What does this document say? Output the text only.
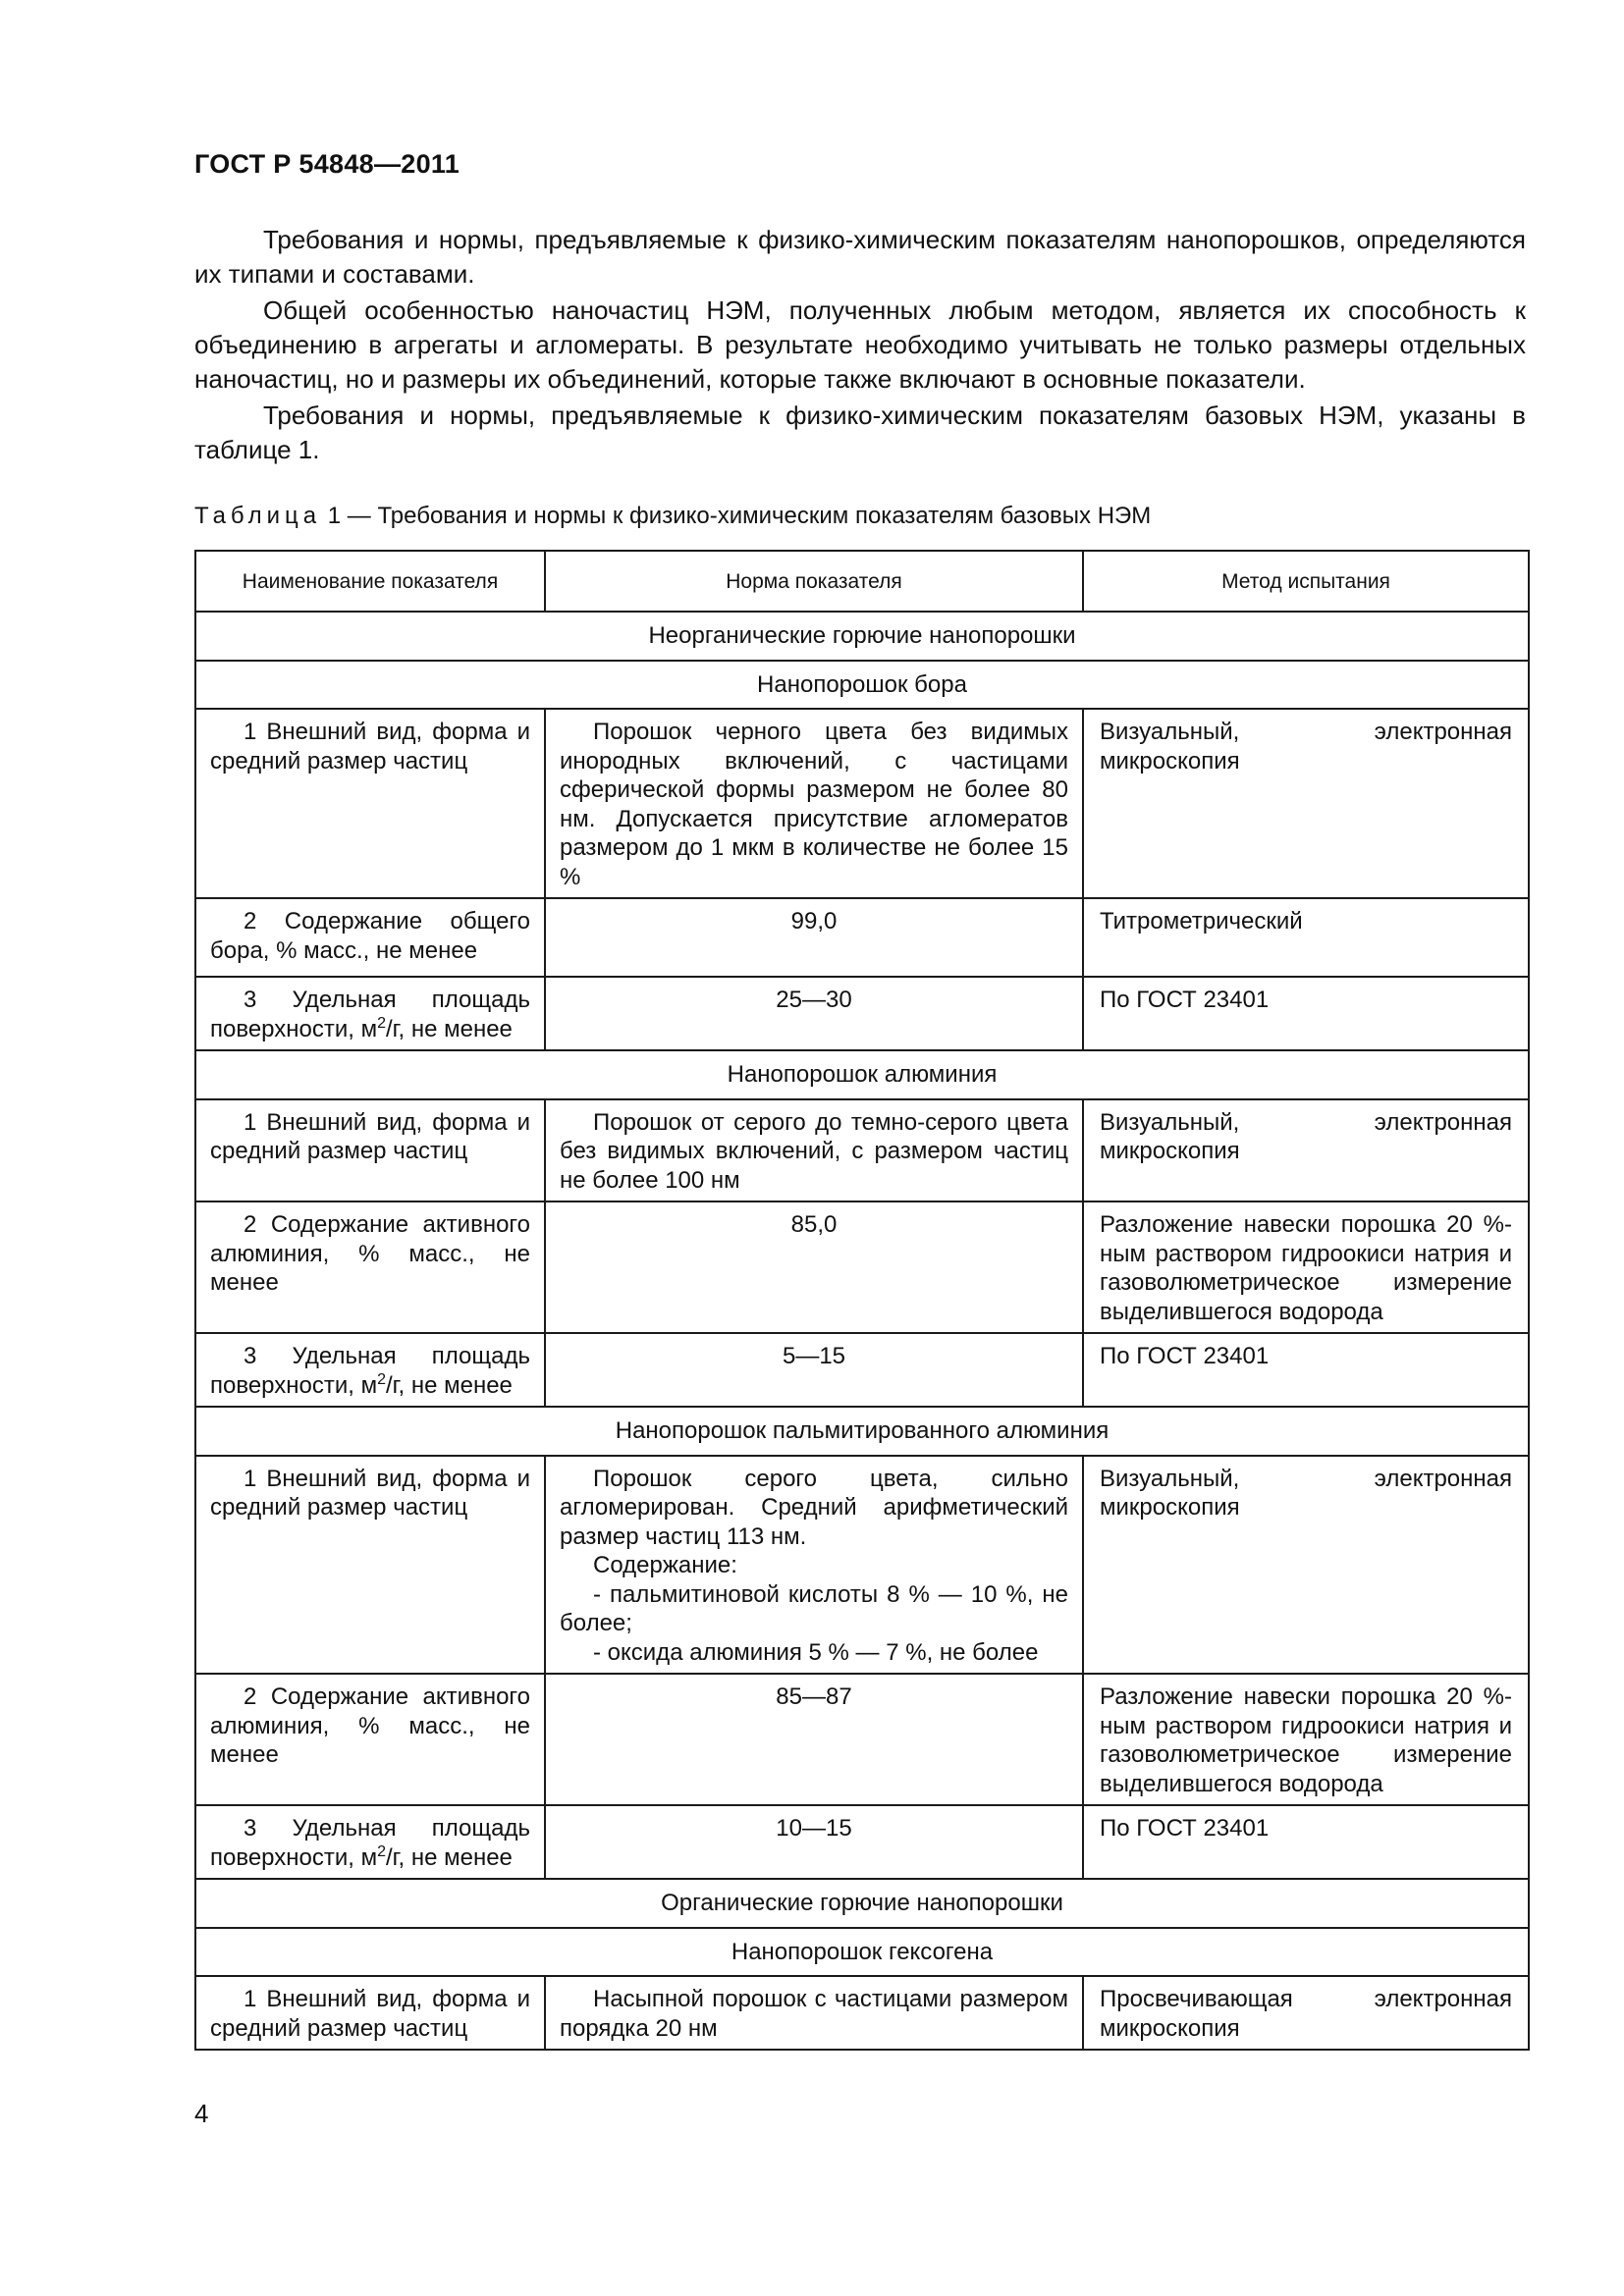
ГОСТ Р 54848—2011

Требования и нормы, предъявляемые к физико-химическим показателям нанопорошков, определяются их типами и составами.

Общей особенностью наночастиц НЭМ, полученных любым методом, является их способность к объединению в агрегаты и агломераты. В результате необходимо учитывать не только размеры отдельных наночастиц, но и размеры их объединений, которые также включают в основные показатели.

Требования и нормы, предъявляемые к физико-химическим показателям базовых НЭМ, указаны в таблице 1.

Таблица 1 — Требования и нормы к физико-химическим показателям базовых НЭМ
Наименование показателя	Норма показателя	Метод испытания
Неорганические горючие нанопорошки		
Нанопорошок бора		
1 Внешний вид, форма и средний размер частиц	Порошок черного цвета без видимых инородных включений, с частицами сферической формы размером не более 80 нм. Допускается присутствие агломератов размером до 1 мкм в количестве не более 15 %	Визуальный, электронная микроскопия
2 Содержание общего бора, % масс., не менее	99,0	Титрометрический
3 Удельная площадь поверхности, $м^2/г$, не менее	25—30	По ГОСТ 23401
Нанопорошок алюминия		
1 Внешний вид, форма и средний размер частиц	Порошок от серого до темно-серого цвета без видимых включений, с размером частиц не более 100 нм	Визуальный, электронная микроскопия
2 Содержание активного алюминия, % масс., не менее	85,0	Разложение навески порошка 20 %-ным раствором гидроокиси натрия и газоволюметрическое измерение выделившегося водорода
3 Удельная площадь поверхности, $м^2/г$, не менее	5—15	По ГОСТ 23401
Нанопорошок пальмитированного алюминия		
1 Внешний вид, форма и средний размер частиц	Порошок серого цвета, сильно агломерирован. Средний арифметический размер частиц 113 нм.
Содержание:
- пальмитиновой кислоты 8 % — 10 %, не более;
- оксида алюминия 5 % — 7 %, не более	Визуальный, электронная микроскопия
2 Содержание активного алюминия, % масс., не менее	85—87	Разложение навески порошка 20 %-ным раствором гидроокиси натрия и газоволюметрическое измерение выделившегося водорода
3 Удельная площадь поверхности, $м^2/г$, не менее	10—15	По ГОСТ 23401
Органические горючие нанопорошки		
Нанопорошок гексогена		
1 Внешний вид, форма и средний размер частиц	Насыпной порошок с частицами размером порядка 20 нм	Просвечивающая электронная микроскопия
4
